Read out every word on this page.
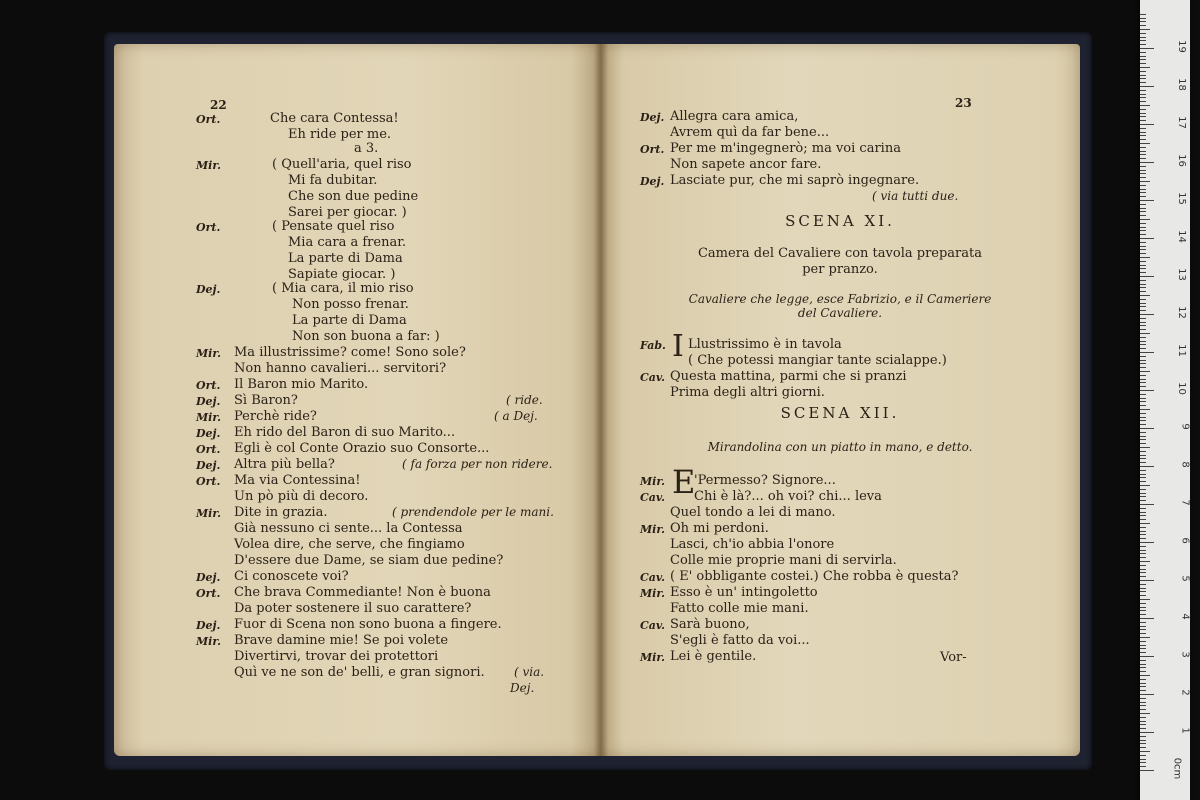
22
Ort.	Che cara Contessa!
Eh ride per me.
a 3.
Mir.	( Quell'aria, quel riso
Mi fa dubitar.
Che son due pedine
Sarei per giocar. )
Ort.	( Pensate quel riso
Mia cara a frenar.
La parte di Dama
Sapiate giocar. )
Dej.	( Mia cara, il mio riso
Non posso frenar.
La parte di Dama
Non son buona a far: )
Mir. Ma illustrissime? come! Sono sole?
Non hanno cavalieri... servitori?
Ort. Il Baron mio Marito.
Dej. Sì Baron?	( ride.
Mir. Perchè ride?	( a Dej.
Dej. Eh rido del Baron di suo Marito...
Ort. Egli è col Conte Orazio suo Consorte...
Dej. Altra più bella?	( fa forza per non ridere.
Ort. Ma via Contessina!
Un pò più di decoro.
Mir. Dite in grazia.	( prendendole per le mani.
Già nessuno ci sente... la Contessa
Volea dire, che serve, che fingiamo
D'essere due Dame, se siam due pedine?
Dej. Ci conoscete voi?
Ort. Che brava Commediante! Non è buona
Da poter sostenere il suo carattere?
Dej. Fuor di Scena non sono buona a fingere.
Mir. Brave damine mie! Se poi volete
Divertirvi, trovar dei protettori
Quì ve ne son de' belli, e gran signori. ( via.
Dej.
23
Dej. Allegra cara amica,
Avrem quì da far bene...
Ort. Per me m'ingegnerò; ma voi carina
Non sapete ancor fare.
Dej. Lasciate pur, che mi saprò ingegnare.
( via tutti due.
SCENA XI.
Camera del Cavaliere con tavola preparata
per pranzo.
Cavaliere che legge, esce Fabrizio, e il Cameriere
del Cavaliere.
Fab. Llustrissimo è in tavola
( Che potessi mangiar tante scialappe.)
Cav. Questa mattina, parmi che si pranzi
Prima degli altri giorni.
SCENA XII.
Mirandolina con un piatto in mano, e detto.
Mir. 'Permesso? Signore...
Cav. Chi è là?... oh voi? chi... leva
Quel tondo a lei di mano.
Mir. Oh mi perdoni.
Lasci, ch'io abbia l'onore
Colle mie proprie mani di servirla.
Cav. ( E' obbligante costei.) Che robba è questa?
Mir. Esso è un' intingoletto
Fatto colle mie mani.
Cav. Sarà buono,
S'egli è fatto da voi...
Mir. Lei è gentile.
I
E
Vor-
0cm
1
2
3
4
5
6
7
8
9
10
11
12
13
14
15
16
17
18
19
